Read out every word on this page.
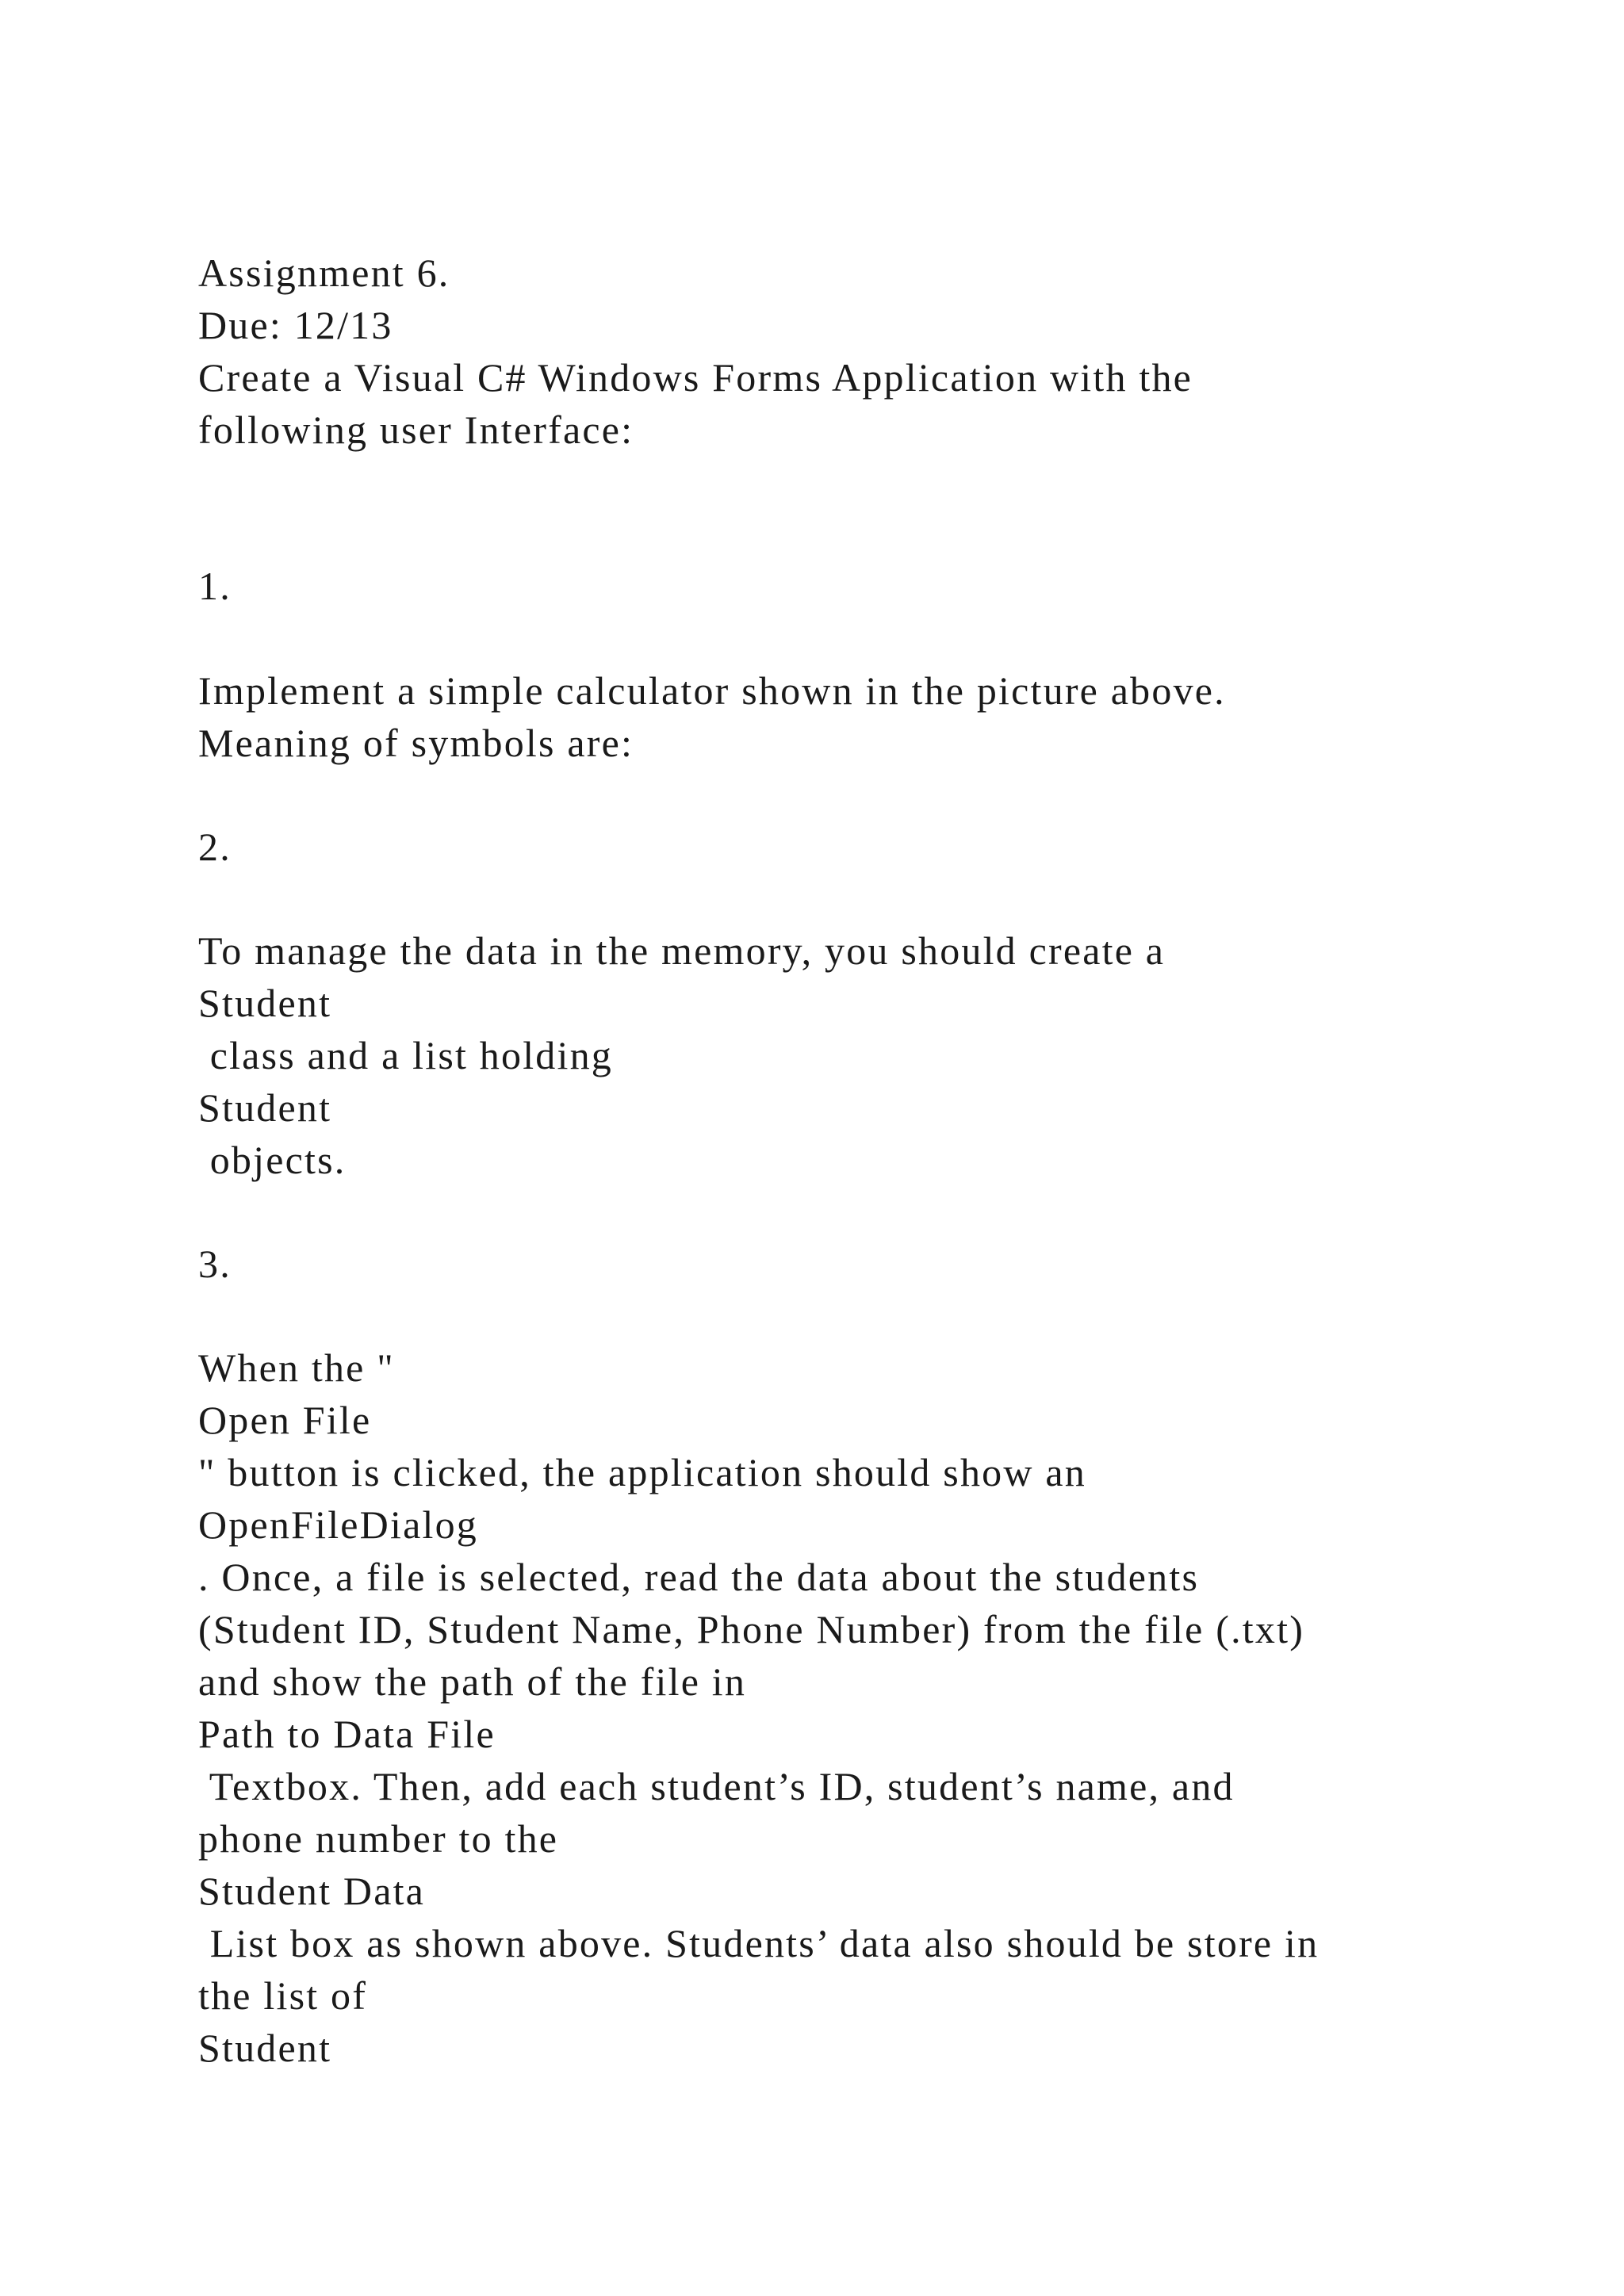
Assignment 6.

Due: 12/13

Create a Visual C# Windows Forms Application with the

following user Interface:

1.

Implement a simple calculator shown in the picture above.

Meaning of symbols are:

2.

To manage the data in the memory, you should create a

Student

class and a list holding

Student

objects.

3.

When the "

Open File

" button is clicked, the application should show an

OpenFileDialog

. Once, a file is selected, read the data about the students

(Student ID, Student Name, Phone Number) from the file (.txt)

and show the path of the file in

Path to Data File

Textbox. Then, add each student’s ID, student’s name, and

phone number to the

Student Data

List box as shown above. Students’ data also should be store in

the list of

Student
